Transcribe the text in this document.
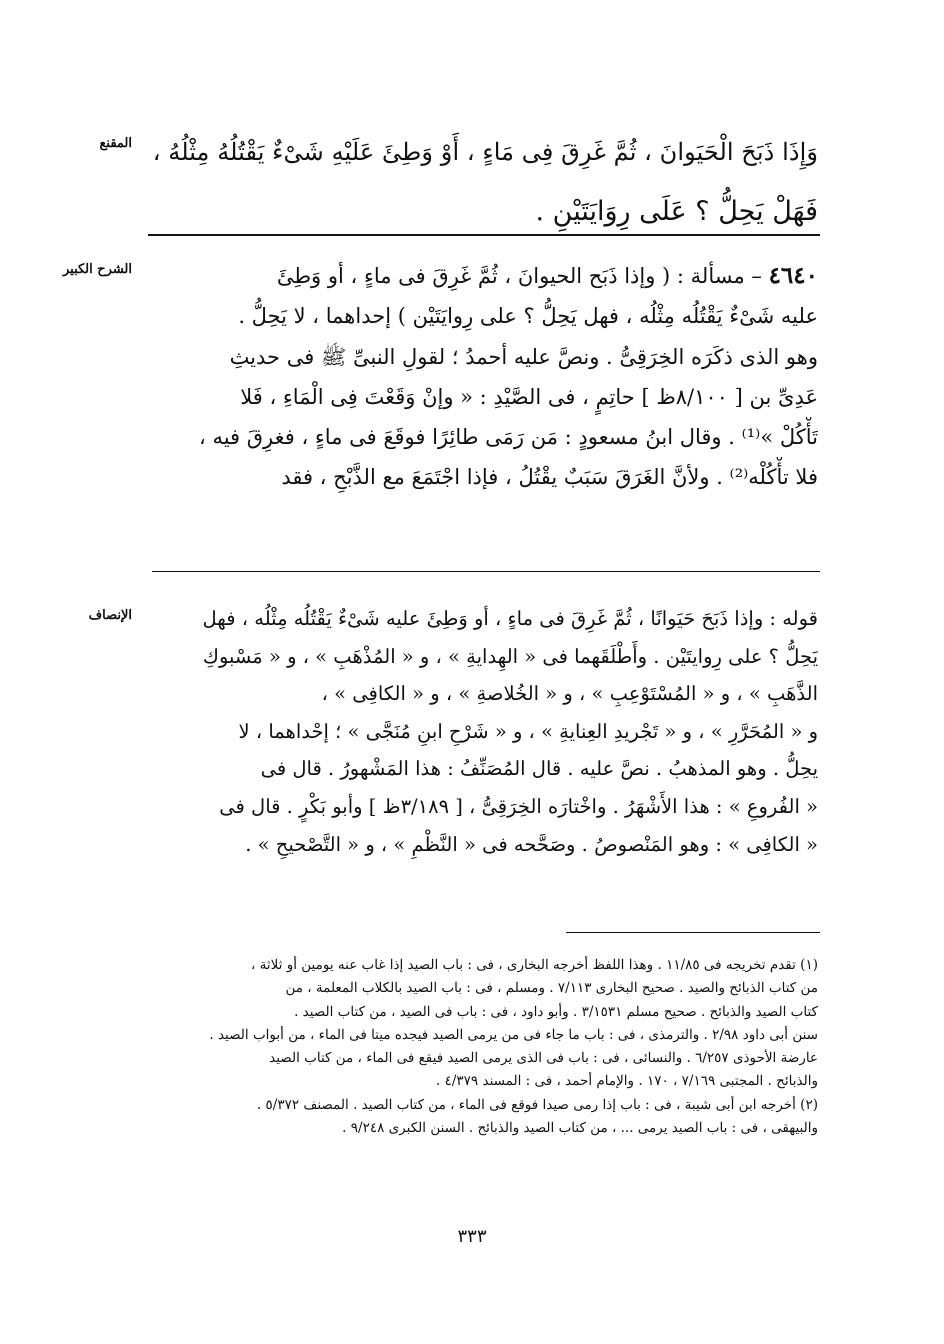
المقنع وَإِذَا ذَبَحَ الْحَيَوانَ ، ثُمَّ غَرِقَ فِى مَاءٍ ، أَوْ وَطِئَ عَلَيْهِ شَىْءٌ يَقْتُلُهُ مِثْلُهُ ،
فَهَلْ يَحِلُّ ؟ عَلَى رِوَايَتَيْنِ .
الشرح الكبير	٤٦٤٠ – مسألة : ( وإذا ذَبَح الحيوانَ ، ثُمَّ غَرِقَ فى ماءٍ ، أو وَطِئَ
عليه شَىْءٌ يَقْتُلُه مِثْلُه ، فهل يَحِلُّ ؟ على رِوايَتَيْن ) إحداهما ، لا يَحِلُّ .
وهو الذى ذكَرَه الخِرَقِىُّ . ونصَّ عليه أحمدُ ؛ لقولِ النبىِّ ﷺ فى حديثِ
عَدِىِّ بن [ ٨/١٠٠ظ ] حاتِمٍ ، فى الصَّيْدِ : « وإنْ وَقَعْتَ فِى الْمَاءِ ، فَلا
تَأْكُلْ »⁽¹⁾ . وقال ابنُ مسعودٍ : مَن رَمَى طائِرًا فوقَعَ فى ماءٍ ، فغرِقَ فيه ،
فلا تأْكُلْه⁽²⁾ . ولأنَّ الغَرَقَ سَبَبٌ يقْتُلُ ، فإذا اجْتَمَعَ مع الذَّبْحِ ، فقد
الإنصاف	قوله : وإذا ذَبَحَ حَيَوانًا ، ثُمَّ غَرِقَ فى ماءٍ ، أو وَطِئَ عليه شَىْءٌ يَقْتُلُه مِثْلُه ، فهل
يَحِلُّ ؟ على رِوايتَيْن . وأَطْلَقَهما فى « الهِدايةِ » ، و « المُذْهَبِ » ، و « مَسْبوكِ
الذَّهَبِ » ، و « المُسْتَوْعِبِ » ، و « الخُلاصةِ » ، و « الكافِى » ،
و « المُحَرَّرِ » ، و « تَجْريدِ العِنايةِ » ، و « شَرْحِ ابنِ مُنَجَّى » ؛ إحْداهما ، لا
يحِلُّ . وهو المذهبُ . نصَّ عليه . قال المُصَنِّفُ : هذا المَشْهورُ . قال فى
« الفُروعِ » : هذا الأَشْهَرُ . واخْتارَه الخِرَقِىُّ ، [ ٣/١٨٩ظ ] وأبو بَكْرٍ . قال فى
« الكافِى » : وهو المَنْصوصُ . وصَحَّحه فى « النَّظْمِ » ، و « التَّصْحيحِ » .
(١) تقدم تخريجه فى ١١/٨٥ . وهذا اللفظ أخرجه البخارى ، فى : باب الصيد إذا غاب عنه يومين أو ثلاثة ،
من كتاب الذبائح والصيد . صحيح البخارى ٧/١١٣ . ومسلم ، فى : باب الصيد بالكلاب المعلمة ، من
كتاب الصيد والذبائح . صحيح مسلم ٣/١٥٣١ . وأبو داود ، فى : باب فى الصيد ، من كتاب الصيد .
سنن أبى داود ٢/٩٨ . والترمذى ، فى : باب ما جاء فى من يرمى الصيد فيجده ميتا فى الماء ، من أبواب الصيد .
عارضة الأحوذى ٦/٢٥٧ . والنسائى ، فى : باب فى الذى يرمى الصيد فيقع فى الماء ، من كتاب الصيد
والذبائح . المجتبى ٧/١٦٩ ، ١٧٠ . والإمام أحمد ، فى : المسند ٤/٣٧٩ .
(٢) أخرجه ابن أبى شيبة ، فى : باب إذا رمى صيدا فوقع فى الماء ، من كتاب الصيد . المصنف ٥/٣٧٢ .
والبيهقى ، فى : باب الصيد يرمى ... ، من كتاب الصيد والذبائح . السنن الكبرى ٩/٢٤٨ .
٣٣٣
